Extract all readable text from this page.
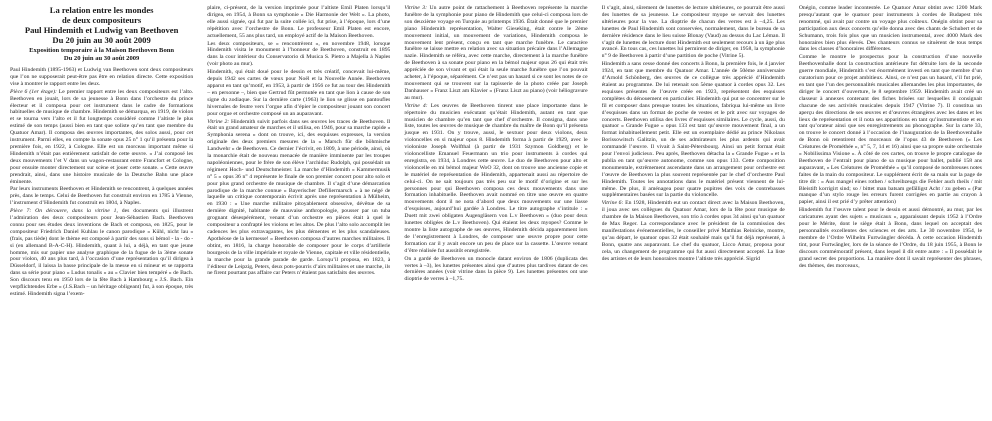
La relation entre les mondes
de deux compositeurs
Paul Hindemith et Ludwig van Beethoven
Du 20 juin au 30 août 2009
Exposition temporaire à la Maison Beethoven Bonn
Du 20 juin au 30 août 2009

Paul Hindemith (1895-1963) et Ludwig van Beethoven sont deux compositeurs que l’on ne supposerait peut-être pas être en relation directe. Cette exposition vise à montrer le rapport entre les deux.

Pièce 6 (1er étage): Le premier rapport entre les deux compositeurs est l’alto. Beethoven en jouait, lors de sa jeunesse à Bonn dans l’orchestre du prince électeur et il composa pour cet instrument dans le cadre de formations habituelles de musique de chambre. Hindemith se démarqua, en 1919, de violon et se tourna vers l’alto et il fut longtemps considéré comme l’altiste le plus estimé de son temps (aussi bien en tant que soliste qu’en tant que membre du Quatuor Amar). Il composa des œuvres importantes, des solos aussi, pour cet instrument. Parmi elles, en compte la sonate opus 25 n° 1 qu’il présenta pour la première fois, en 1922, à Cologne. Elle est un morceau important même si Hindemith n’était pas entièrement satisfait de cette œuvre. « J’ai composé les deux mouvements l’et V dans un wagon-restaurant entre Francfort et Cologne, pour ensuite monter directement sur scène et jouer cette sonate. » Cette œuvre prendrait, ainsi, dans une histoire musicale de la Deutsche Bahn une place éminente.

Par leurs instruments Beethoven et Hindemith se rencontrent, à quelques années près, dans le temps. Celui de Beethoven fut construit environ en 1785 à Vienne, l’instrument d’Hindemith fut construit en 1804, à Naples.

Pièce 7: On découvre, dans la vitrine 1, des documents qui illustrent l’admiration des deux compositeurs pour Jean-Sébastien Bach. Beethoven connu pour ses études deux inventions de Bach et composa, en 1825, pour le compositeur Friedrich Daniel Kuhlau le canon parodique « Kühl, nicht lau » (frais, pas tiède) dont le thème est composé à partir des sons si bémol - la - do - si (en allemand B-A-C-H). Hindemith, quant à lui, a déjà, en tant que jeune homme, mis sur papier une analyse graphique de la fugue de la 3ème sonate pour violon, 40 ans plus tard, à l’occasion d’une représentation qu’il dirigea à Düsseldorf, il laissa la basse principale de la messe en si mineur et se rapporta dans sa série pour piano « Ludus tonalis » au « Clavier bien tempéré » de Bach. Son discours tenu en 1950 lors de la fête Bach à Hambourg « J.S. Bach. Ein verpflichtendes Erbe » (J.S.Bach – un héritage obligeant) fut, à son époque, très estimé. Hindemith signa l’exem-

plaire, ci-présent, de la version imprimée pour l’altiste Emil Platen lorsqu’il dirigea, en 1954, à Bonn sa symphonie « Die Harmonie der Welt ». La photo, elle aussi signée, qui fut par la suite collée ici, fut prise, à l’époque, lors d’une répétition avec l’orchestre de Bonn. Le professeur Emil Platen est encore, actuellement, 55 ans plus tard, un employé actif de la Maison Beethoven.

Les deux compositeurs, se « rencontrèrent », en novembre 1948, lorsque Hindemith visita le monument à l’honneur de Beethoven, construit en 1895 dans la cour intérieur du Conservatorio di Musica S. Pietro a Majella à Naples (voir photo au mur).

Hindemith, qui était doué pour le dessin et très créatif, concevait lui-même, depuis 1942 ses cartes de vœux pour Noël et la Nouvelle Année. Beethoven apparut en tant qu’motif, en 1953, à partir de 1956 ce fut au tour des Hindemith – en personne –, bien que Gertrud fût permutée en tant que lion à cause de son signe du zodiaque. Sur la dernière carte (1963) le lion se glisse en pantoufles hivernales de feutre vers l’orgue afin d’épier le compositeur jouant son concert pour orgue et orchestre composé un an auparavant.

Vitrine 2: Hindemith suivit parfois dans ses œuvres les traces de Beethoven. Il était un grand amateur de marches et il utilisa, en 1946, pour sa marche rapide « Symphonia serena » dont on trouve, ici, des esquisses expresses, la version originale des deux premiers mesures de la « Marsch für die böhmische Landwehr » de Beethoven. Ce dernier l’écrivit, en 1809, à une période, ainsi, où la monarchie était de nouveau menacée de manière imminente par les troupes napoléoniennes, pour le frère de son élève l’archiduc Rudolph, qui possédait un régiment Hoch- und Deutschmeister. La marche d’Hindemith « Kammermusik n° 5 » opus 36 n° 4 représente le finale de son premier concert pour alto solo et pour plus grand orchestre de musique de chambre. Il s’agit d’une démarcation parodique de la marche connue « Bayerischer Defiliermarsch » à ne négé de laquelle un critique contemporain écrivit après une représentation à Mülheim, en 1930 : « Une marche militaire pitoyablement obsessive, dévêtue de sa dernière dignité, habitante de mauvaise anthropologie, pousser par un tuba grognant désespérément, venant d’un orchestre en pièces était à quel le compositeur a confrapté les violons et les altos. De plus l’alto solo accomplit les cadences les plus extravagantes, les plus démentes et les plus scandaleuses. Apothéose de la kermesse! » Beethoven composa d’autres marches militaires. Il obtint, en 1816, la charge honorable de composer pour le corps d’artillerie bourgeois de la ville impériale et royale de Vienne, capitale et ville résidentielle, la marche pour la grande parade de garde. Lorsqu’il proposa, en 1823, à l’éditeur de Leipzig, Peters, deux pots-pourris d’airs militaires et une marche, ils ne firent pourtant pas affaire car Peters n’étaient pas satisfaits des œuvres.

Vitrine 3: Un autre point de rattachement à Beethoven représente la marche funèbre de la symphonie pour piano de Hindemith que celui-ci composa lors de son deuxième voyage en Turquie au printemps 1936. Était donné que le premier piano Hindemith représentation, Walter Gieseking, était contre le 2ème mouvement initial, un mouvement de variations, Hindemith composa le mouvement lent présent, conçu en tant que marche funèbre. Le caractère funèbre se laisse mettre en relation avec sa situation précaire dans l’Allemagne nazie. Hindemith se référa, avec cette marche, directement à la marche funèbre de Beethoven à sa sonate pour piano en la bémol majeur opus 26 qui était très appréciée de son vivant et qui était la seule marche funèbre que l’on pouvait acheter, à l’époque, séparément. Ce n’est pas un hasard si ce sont les notes de ce mouvement qui se trouvent sur la tapisserie de la photo créée par Joseph Danhauser « Franz Liszt am Klavier » (Franz Liszt au piano) (voir héliogravure au mur).

Vitrine 4: Les œuvres de Beethoven tinrent une place importante dans le répertoire du musicien exécutant qu’était Hindemith, autant en tant que musicien de chambre qu’en tant que chef d’orchestre. Il consigna, dans une liste, toutes les œuvres de musique de chambre du maître de Bonn qu’il présenta jusque en 1931. On y trouve, aussi, le sextuor pour deux violons, deux violoncelles en si majeur opus 8. Hindemith forma à partir de 1929, avec le violoniste Joseph Wolfthal (à partir de 1931 Szymon Goldberg) et le violoncelliste Emanuel Feuermann un trio pour instruments à cordes qui enregistra, en 1934, à Londres cette œuvre. Le duo de Beethoven pour alto et violoncelle en mi bémol majeur WoO 32, dont on trouve une ancienne copie et le matériel de représentation de Hindemith, appartenait aussi au répertoire de celui-ci. On ne sait toujours pas très peu sur le motif d’origine et sur les personnes pour qui Beethoven composa ces deux mouvements dans une formation inhabituelle. Beethoven avait nommé en titre une œuvre en quatre mouvements dont il ne nota d’abord que deux mouvements sur une liasse d’esquisses, aujourd’hui gardée à Londres. Le titre autographe s’intitule : « Duett mit zwei obligaten Augengläsern von L.v Beethoven » (duo pour deux lunettes obligées de L.v Beethoven). Qui étaient les deux myopes? Comme le montre la liste autographe de ses œuvres, Hindemith décida apparemment lors de l’enregistrement à Londres, de composer une œuvre propre pour cette formation car il y avait encore un peu de place sur la cassette. L’œuvre venant d’être réalisée fut aussitôt enregistrée.

On a gardé de Beethoven un monocle datant environ de 1806 (duplicata des vertes à –3), les lunettes présentes ainsi que d’autres plus tardives datant de ces dernières années (voir vitrine dans la pièce 9). Les lunettes présentes ont une dioptrie de verres à –1,75.

Il s’agit, ainsi, sûrement de lunettes de lecture ultérieures, ce pourrait être aussi des lunettes de sa jeunesse. Le compositeur myope se servait des lunettes ultérieures pour la vue. La dioptrie de chacun des verres est à –4,25. Les lunettes de Paul Hindemith sont conservées, normalement, dans le bureau de sa dernière résidence dans le lieu suisse Blonay (Vaud) au dessus du Lac Léman. Il s’agit de lunettes de lecture dont Hindemith eut seulement recours à un âge plus avancé. En tous cas, ces lunettes lui permirent de diriger, en 1958, la symphonie n° 9 de Beethoven à partir d’une partition de poche (Vitrine 5).

Hindemith a sans cesse donné des concerts à Bonn, la première fois, le 4 janvier 1924, en tant que membre du Quatuor Amar. L’année de 50ème anniversaire d’Arnold Schönberg, des œuvres de ce collègue très apprécié d’Hindemith étaient au programme. De lui retenait son 5ème quatuor à cordes opus 32. Les esquisses présentes de l’œuvre créée en 1923, représentent des esquisses complètes du dénouement en particulier. Hindemith qui put se concentrer sur le fil et composer dans presque toutes les situations, fabriqua lui-même un livre d’esquisses dans un format de poche de vestes et le prit avec sur voyages de concerts. Beethoven utilisa des livres d’esquisses similaires. Le cycle, aussi, du quatuor « Grande Fugue » opus 133 est tant qu’œuvre mouvement final, a un format inhabituellement petit. Elle est un exemplaire dédié au prince Nikolaus Borissowitsch Galitzin, un de ses admirateurs les plus ardents qui avait commandé l’œuvre. Il vivait à Saint-Pétersbourg. Ainsi un petit format était pour l’envoi judicieux. Peu après, Beethoven détacha la « Grande Fugue » et la publia en tant qu’œuvre autonome, comme son opus 133. Cette composition monumentale, extrêmement ascendante dans un arrangement pour orchestre est l’œuvre de Beethoven la plus souvent représentée par le chef d’orchestre Paul Hindemith. Toutes les annotations dans le matériel présent viennent de lui-même. De plus, il aménagea pour quatre pupitres des voix de contrebasses supplémentaires basées sur la partie du violoncelle.

Vitrine 6: En 1928, Hindemith eut un contact direct avec la Maison Beethoven, il joua avec ses collègues du Quatuor Amar, lors de la fête pour musique de chambre de la Maison Beethoven, son trio à cordes opus 34 ainsi qu’un quatuor de Max Reger. La correspondance avec le président de la commission des manifestations événementielles, le conseiller privé Matthias Reinicke, montre, qu’au départ, le quatuor opus 32 était souhaité mais qu’il fut déjà représenté, à Bonn, quatre ans auparavant. Le chef du quatuor, Licco Amar, proposa pour cela, un changement de programme qui fut aussi directement accepté. La liste des artistes et de leurs honoraires montre l’altiste très apprécié. Sigrid

Onégin, comme leader incontestée. Le Quatuor Amar obtint avec 1200 Mark presqu’autant que le quatuor pour instruments à cordes de Budapest très renommé, qui avait par contre un voyage plus coûteux. Onégin obtint pour sa participation aux deux concerts qu’elle donna avec des chants de Schubert et de Schumann, trois fois plus que un musicien instrumental, avec 4000 Mark des honoraires bien plus élevés. Des chanteurs connus se situèrent de tous temps dans les classes d’honoraires différentes.

Comme le montre le prospectus pour la construction d’une nouvelle Beethovenhalle dont la construction antérieure fut détruite lors de la seconde guerre mondiale, Hindemith s’est énormément investi en tant que membre d’un curatorium pour ce projet ambitieux. Ainsi, ce n’est pas un hasard, s’il fut prié, en tant que l’un des personnalités musicales allemandes les plus importantes, de diriger le concert d’ouverture, le 8 septembre 1959. Hindemith avait créé un classeur à annexes contenant des fiches brisées sur lesquelles il consignait chacune de ses activités musicales depuis 1947 (Vitrine 7). Il constitua un aperçu des directions de ses œuvres et d’œuvres étrangères avec les dates et les lieux de représentation et il nota ses apparitions en tant qu’instrumentiste et en tant qu’orateur ainsi que ses enregistrements au phonographe. Sur la carte 33, on trouve le concert donné à l’occasion de l’inauguration de la Beethovenhalle de Bonn où retentirent des morceaux de l’opus 43 de Beethoven (« Les Créatures de Prométhée », n° 5, 7, 14 et 16) ainsi que sa propre suite orchestrale « Nobilissima Visione ». À côté de ces cartes, on trouve le propre catalogue de Beethoven de l’entrait pour piano de sa musique pour ballet, publié 158 ans auparavant, « Les Créatures de Prométhée » qu’il composé de nombreuses notes faites de la main du compositeur. Le supplément écrit de sa main sur la page de titre dit : « Aus mangel eines rothen / schreibzeugs die Fehler auch theils / mit Bleistift korrigirt sind; so / bittet man batsam gefälligst Acht / zu geben » (Par manque d’un stylo rouge les erreurs furent corrigées en partie au crayon à papier, ainsi il est prié d’y prêter attention)

Hindemith fut l’œuvre talent pour le dessin et aussi démontré, au mur, par les caricatures ayant des sujets « musicaux », apparaissant depuis 1952 à l’Ordre pour le Mérite, dont le siège était à Bonn, dans lequel on acceptait des personnalités excellentes des sciences et des arts. Le 30 novembre 1954, le membre de l’Ordre Wilhelm Furtwängler décéda. À cette occasion Hindemith tint, pour Furtwängler, lors de la séance de l’Ordre, du 18 juin 1955, à Bonn le discours commémoratif présent, dans lequel il dit entre autre : « Il possédait le grand secret des proportions. La manière dont il savait représenter des phrases, des thèmes, des morceaux,
